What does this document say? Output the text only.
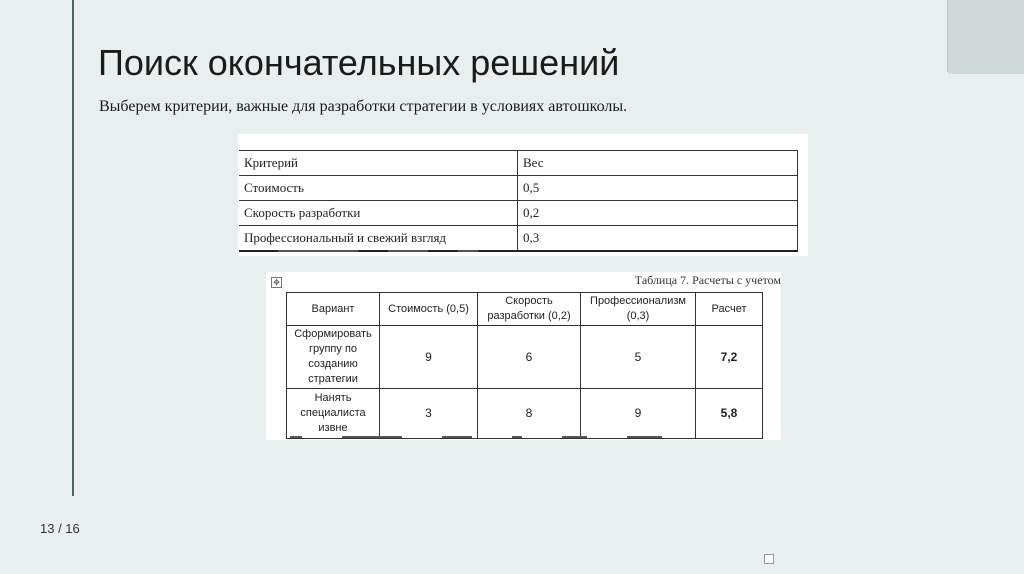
Поиск окончательных решений
Выберем критерии, важные для разработки стратегии в условиях автошколы.
Критерий	Вес
Стоимость	0,5
Скорость разработки	0,2
Профессиональный и свежий взгляд	0,3
✥	Таблица 7. Расчеты с учетом
Вариант	Стоимость (0,5)	Скорость разработки (0,2)	Профессионализм (0,3)	Расчет
Сформировать группу по созданию стратегии	9	6	5	7,2
Нанять специалиста извне	3	8	9	5,8
13 / 16
